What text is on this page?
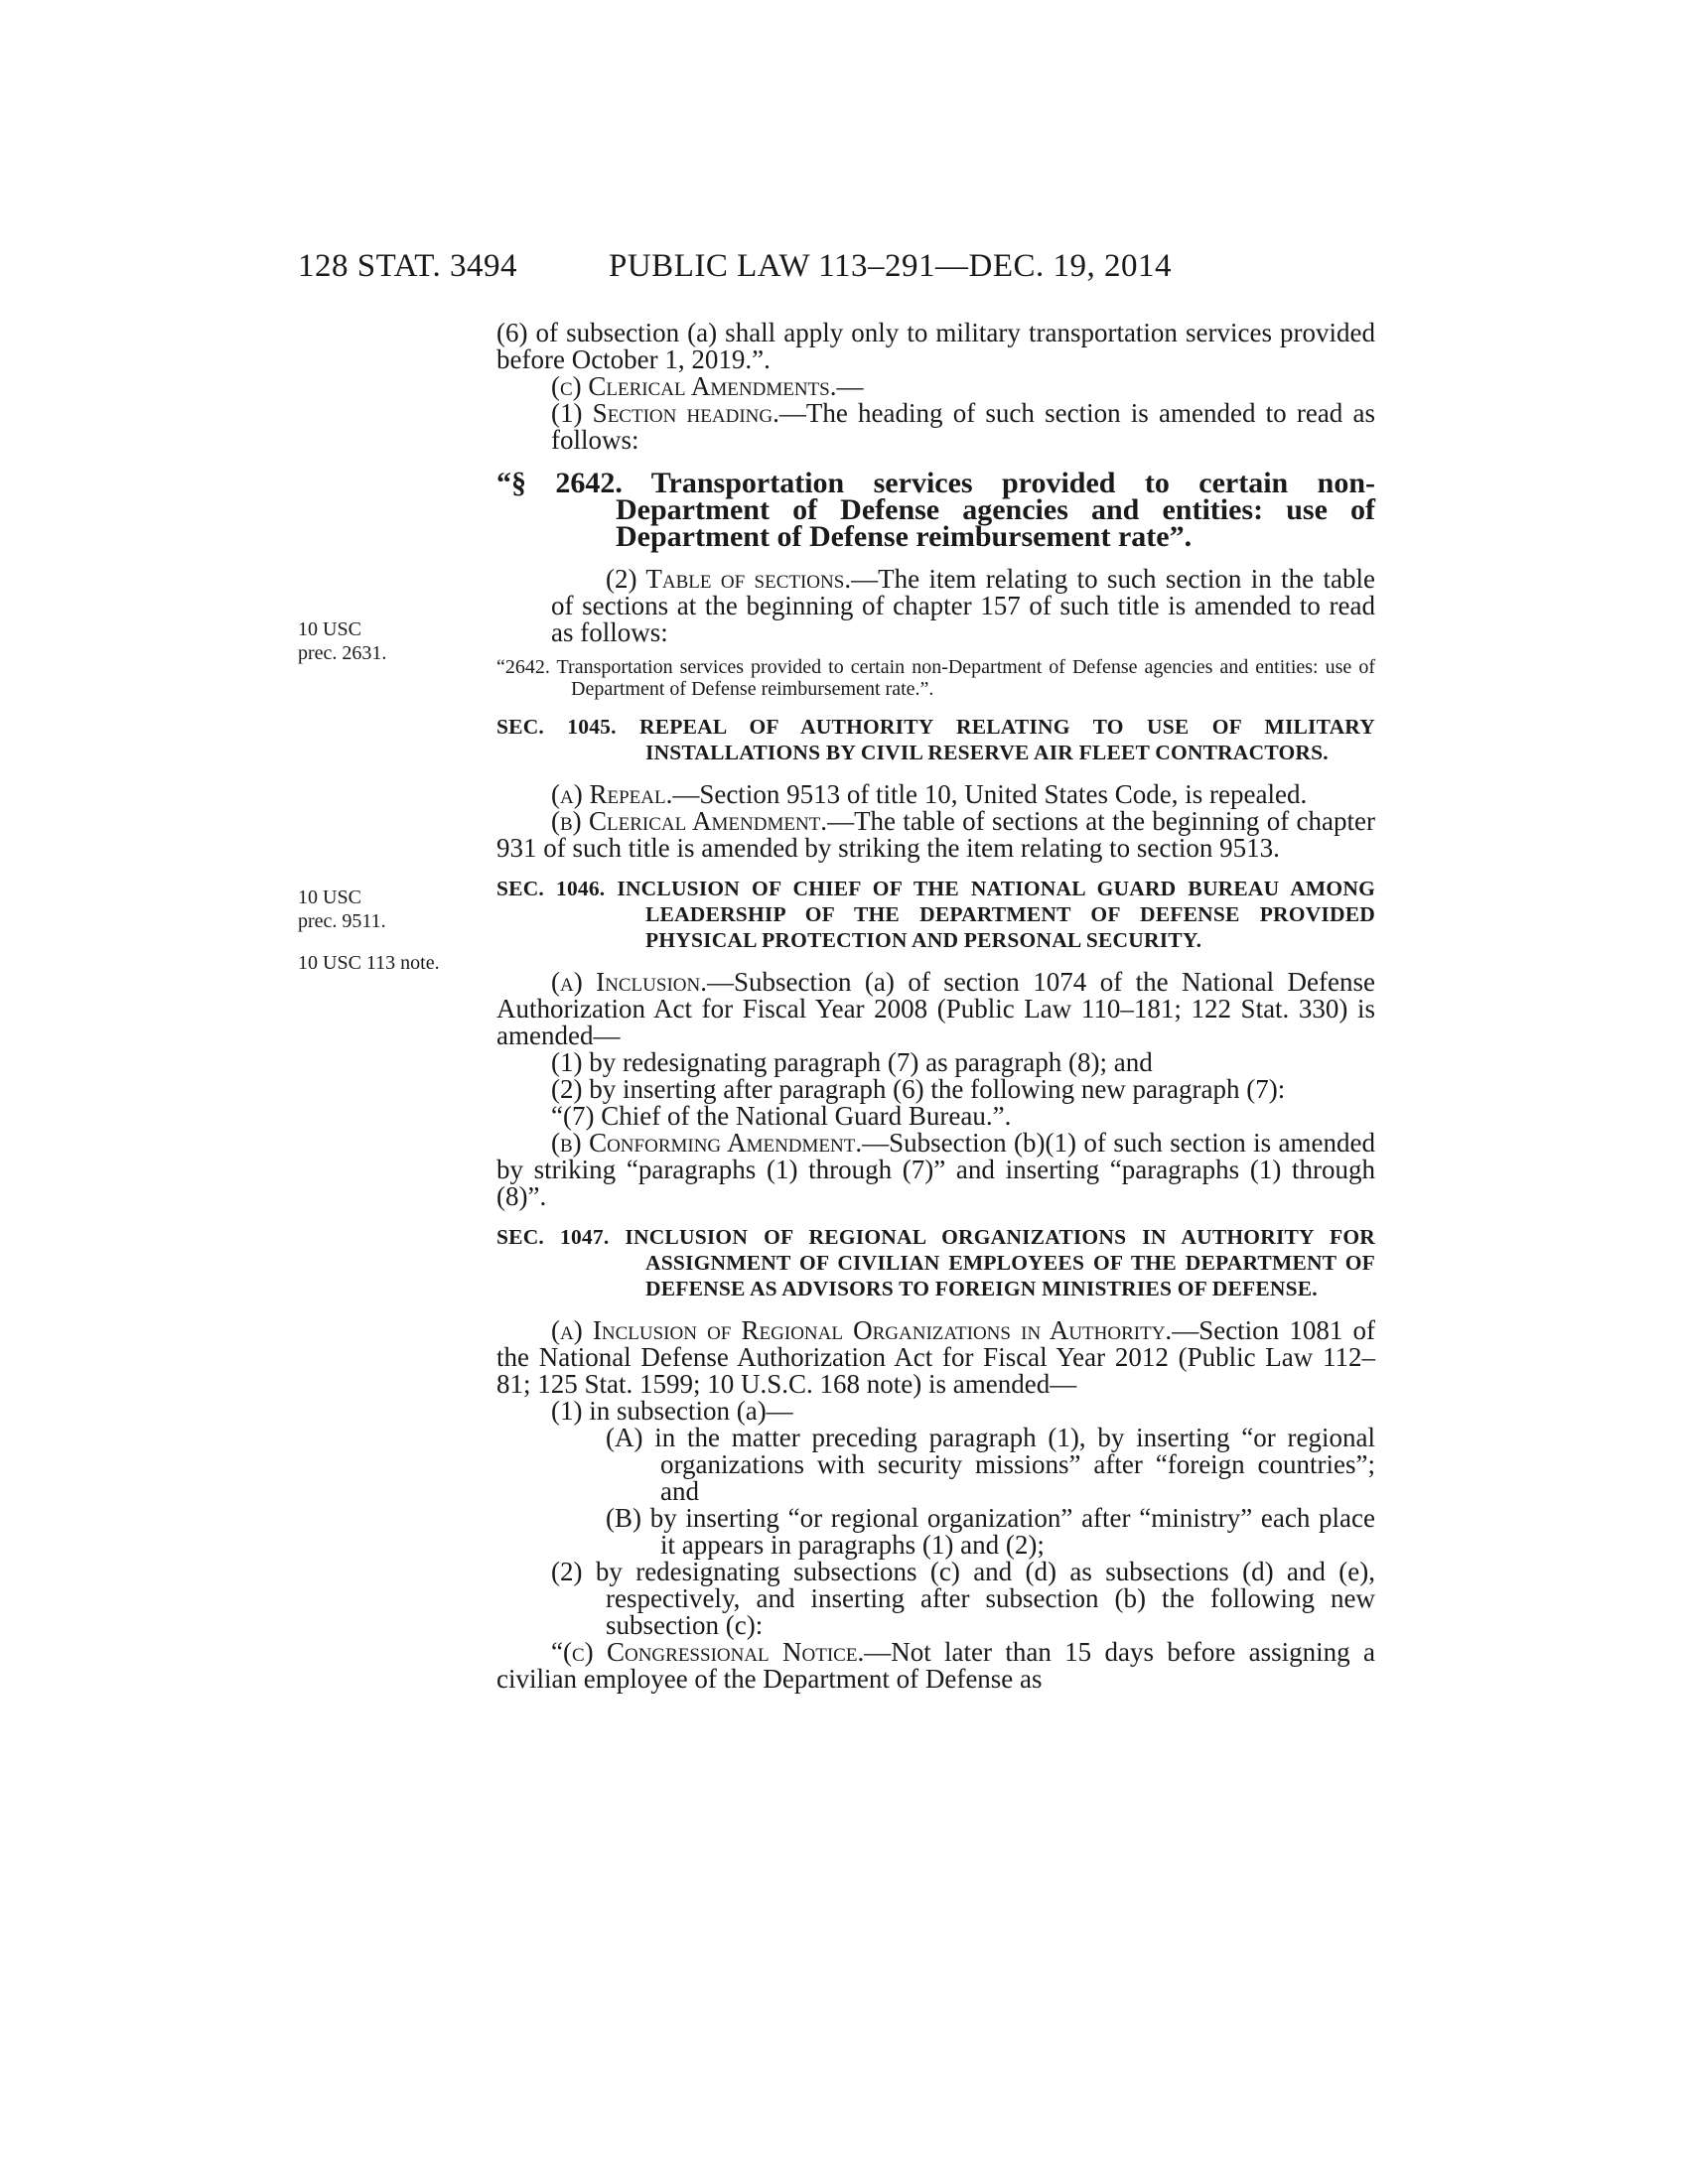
128 STAT. 3494	PUBLIC LAW 113–291—DEC. 19, 2014
10 USC
prec. 2631.
10 USC
prec. 9511.
10 USC 113 note.

(6) of subsection (a) shall apply only to military transportation services provided before October 1, 2019.”.

(c) Clerical Amendments.—

(1) Section heading.—The heading of such section is amended to read as follows:

“§ 2642. Transportation services provided to certain non-Department of Defense agencies and entities: use of Department of Defense reimbursement rate”.

(2) Table of sections.—The item relating to such section in the table of sections at the beginning of chapter 157 of such title is amended to read as follows:

“2642. Transportation services provided to certain non-Department of Defense agencies and entities: use of Department of Defense reimbursement rate.”.
SEC. 1045. REPEAL OF AUTHORITY RELATING TO USE OF MILITARY INSTALLATIONS BY CIVIL RESERVE AIR FLEET CONTRACTORS.

(a) Repeal.—Section 9513 of title 10, United States Code, is repealed.

(b) Clerical Amendment.—The table of sections at the beginning of chapter 931 of such title is amended by striking the item relating to section 9513.

SEC. 1046. INCLUSION OF CHIEF OF THE NATIONAL GUARD BUREAU AMONG LEADERSHIP OF THE DEPARTMENT OF DEFENSE PROVIDED PHYSICAL PROTECTION AND PERSONAL SECURITY.

(a) Inclusion.—Subsection (a) of section 1074 of the National Defense Authorization Act for Fiscal Year 2008 (Public Law 110–181; 122 Stat. 330) is amended—

(1) by redesignating paragraph (7) as paragraph (8); and

(2) by inserting after paragraph (6) the following new paragraph (7):

“(7) Chief of the National Guard Bureau.”.

(b) Conforming Amendment.—Subsection (b)(1) of such section is amended by striking “paragraphs (1) through (7)” and inserting “paragraphs (1) through (8)”.

SEC. 1047. INCLUSION OF REGIONAL ORGANIZATIONS IN AUTHORITY FOR ASSIGNMENT OF CIVILIAN EMPLOYEES OF THE DEPARTMENT OF DEFENSE AS ADVISORS TO FOREIGN MINISTRIES OF DEFENSE.

(a) Inclusion of Regional Organizations in Authority.—Section 1081 of the National Defense Authorization Act for Fiscal Year 2012 (Public Law 112–81; 125 Stat. 1599; 10 U.S.C. 168 note) is amended—

(1) in subsection (a)—

(A) in the matter preceding paragraph (1), by inserting “or regional organizations with security missions” after “foreign countries”; and

(B) by inserting “or regional organization” after “ministry” each place it appears in paragraphs (1) and (2);

(2) by redesignating subsections (c) and (d) as subsections (d) and (e), respectively, and inserting after subsection (b) the following new subsection (c):

“(c) Congressional Notice.—Not later than 15 days before assigning a civilian employee of the Department of Defense as
